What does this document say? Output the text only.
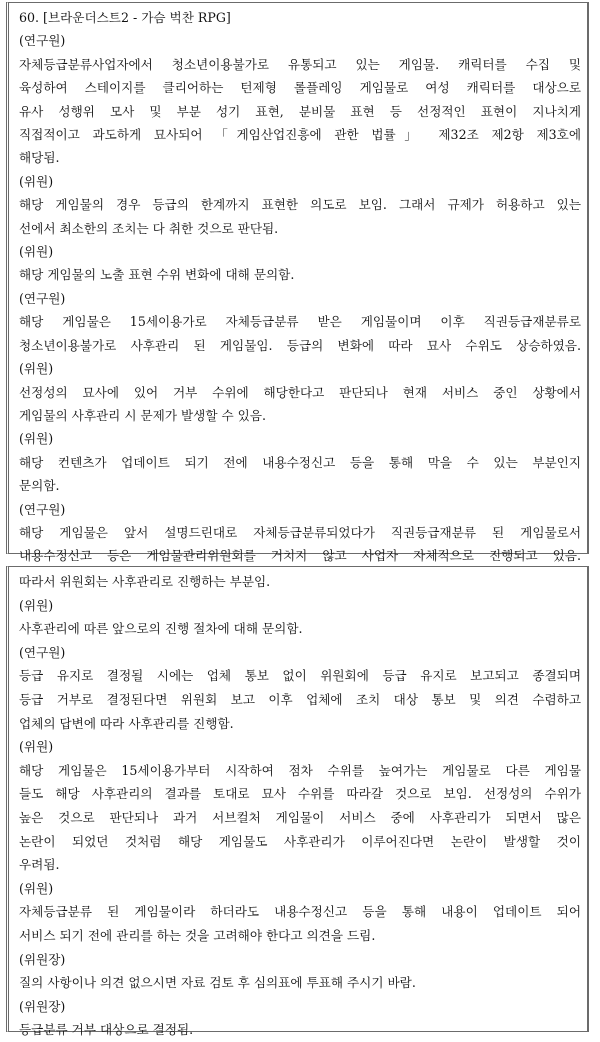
60. [브라운더스트2 - 가슴 벅찬 RPG]
(연구원)
자체등급분류사업자에서 청소년이용불가로 유통되고 있는 게임물. 캐릭터를 수집 및
육성하여 스테이지를 클리어하는 턴제형 롤플레잉 게임물로 여성 캐릭터를 대상으로
유사 성행위 모사 및 부분 성기 표현, 분비물 표현 등 선정적인 표현이 지나치게
직접적이고 과도하게 묘사되어 「게임산업진흥에 관한 법률」 제32조 제2항 제3호에
해당됨.
(위원)
해당 게임물의 경우 등급의 한계까지 표현한 의도로 보임. 그래서 규제가 허용하고 있는
선에서 최소한의 조치는 다 취한 것으로 판단됨.
(위원)
해당 게임물의 노출 표현 수위 변화에 대해 문의함.
(연구원)
해당 게임물은 15세이용가로 자체등급분류 받은 게임물이며 이후 직권등급재분류로
청소년이용불가로 사후관리 된 게임물임. 등급의 변화에 따라 묘사 수위도 상승하였음.
(위원)
선정성의 묘사에 있어 거부 수위에 해당한다고 판단되나 현재 서비스 중인 상황에서
게임물의 사후관리 시 문제가 발생할 수 있음.
(위원)
해당 컨텐츠가 업데이트 되기 전에 내용수정신고 등을 통해 막을 수 있는 부분인지
문의함.
(연구원)
해당 게임물은 앞서 설명드린대로 자체등급분류되었다가 직권등급재분류 된 게임물로서
내용수정신고 등은 게임물관리위원회를 거치지 않고 사업자 자체적으로 진행되고 있음.
따라서 위원회는 사후관리로 진행하는 부분임.
(위원)
사후관리에 따른 앞으로의 진행 절차에 대해 문의함.
(연구원)
등급 유지로 결정될 시에는 업체 통보 없이 위원회에 등급 유지로 보고되고 종결되며
등급 거부로 결정된다면 위원회 보고 이후 업체에 조치 대상 통보 및 의견 수렴하고
업체의 답변에 따라 사후관리를 진행함.
(위원)
해당 게임물은 15세이용가부터 시작하여 점차 수위를 높여가는 게임물로 다른 게임물
들도 해당 사후관리의 결과를 토대로 묘사 수위를 따라갈 것으로 보임. 선정성의 수위가
높은 것으로 판단되나 과거 서브컬처 게임물이 서비스 중에 사후관리가 되면서 많은
논란이 되었던 것처럼 해당 게임물도 사후관리가 이루어진다면 논란이 발생할 것이
우려됨.
(위원)
자체등급분류 된 게임물이라 하더라도 내용수정신고 등을 통해 내용이 업데이트 되어
서비스 되기 전에 관리를 하는 것을 고려해야 한다고 의견을 드림.
(위원장)
질의 사항이나 의견 없으시면 자료 검토 후 심의표에 투표해 주시기 바람.
(위원장)
등급분류 거부 대상으로 결정됨.
